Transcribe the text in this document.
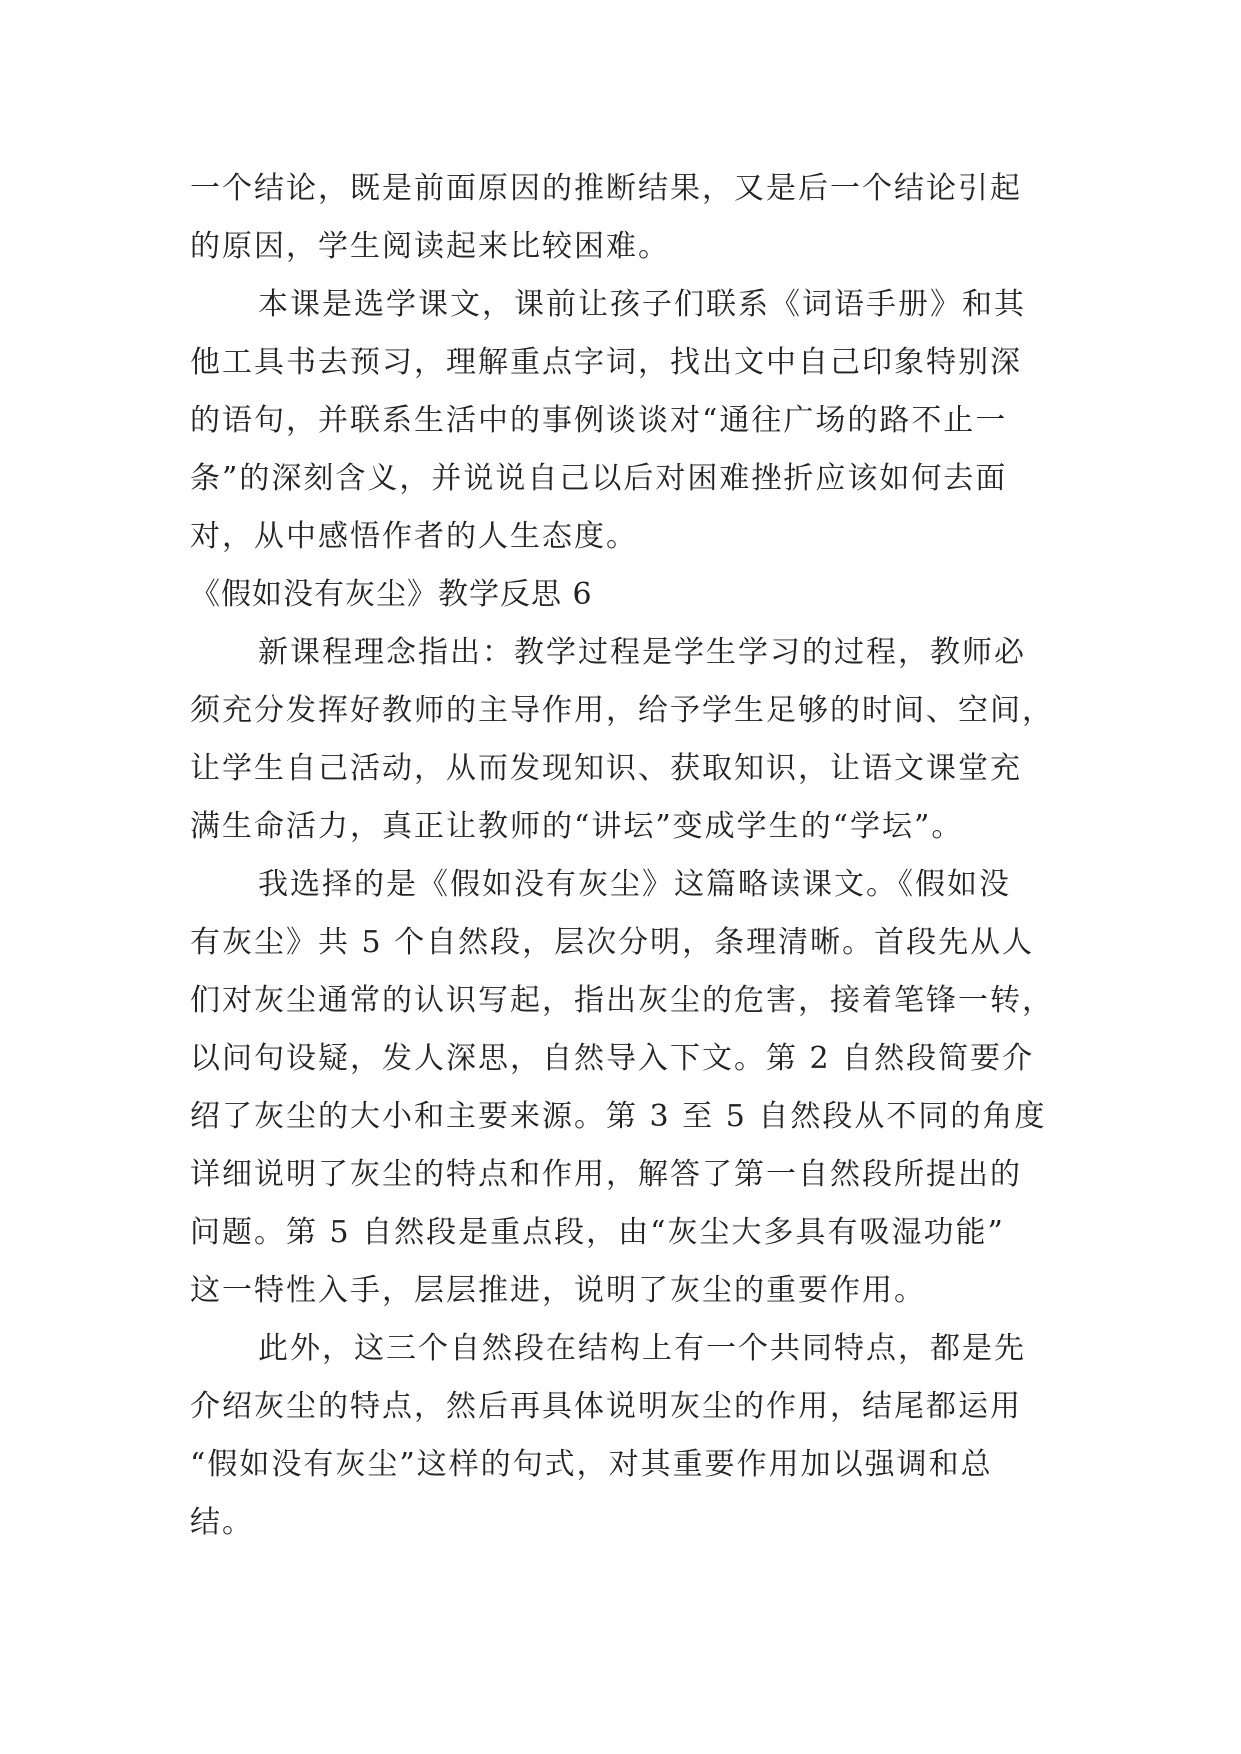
一个结论，既是前面原因的推断结果，又是后一个结论引起
的原因，学生阅读起来比较困难。
本课是选学课文，课前让孩子们联系《词语手册》和其
他工具书去预习，理解重点字词，找出文中自己印象特别深
的语句，并联系生活中的事例谈谈对“通往广场的路不止一
条”的深刻含义，并说说自己以后对困难挫折应该如何去面
对，从中感悟作者的人生态度。
《假如没有灰尘》教学反思 6
新课程理念指出：教学过程是学生学习的过程，教师必
须充分发挥好教师的主导作用，给予学生足够的时间、空间，
让学生自己活动，从而发现知识、获取知识，让语文课堂充
满生命活力，真正让教师的“讲坛”变成学生的“学坛”。
我选择的是《假如没有灰尘》这篇略读课文。《假如没
有灰尘》共 5 个自然段，层次分明，条理清晰。首段先从人
们对灰尘通常的认识写起，指出灰尘的危害，接着笔锋一转，
以问句设疑，发人深思，自然导入下文。第 2 自然段简要介
绍了灰尘的大小和主要来源。第 3 至 5 自然段从不同的角度
详细说明了灰尘的特点和作用，解答了第一自然段所提出的
问题。第 5 自然段是重点段，由“灰尘大多具有吸湿功能”
这一特性入手，层层推进，说明了灰尘的重要作用。
此外，这三个自然段在结构上有一个共同特点，都是先
介绍灰尘的特点，然后再具体说明灰尘的作用，结尾都运用
“假如没有灰尘”这样的句式，对其重要作用加以强调和总
结。
